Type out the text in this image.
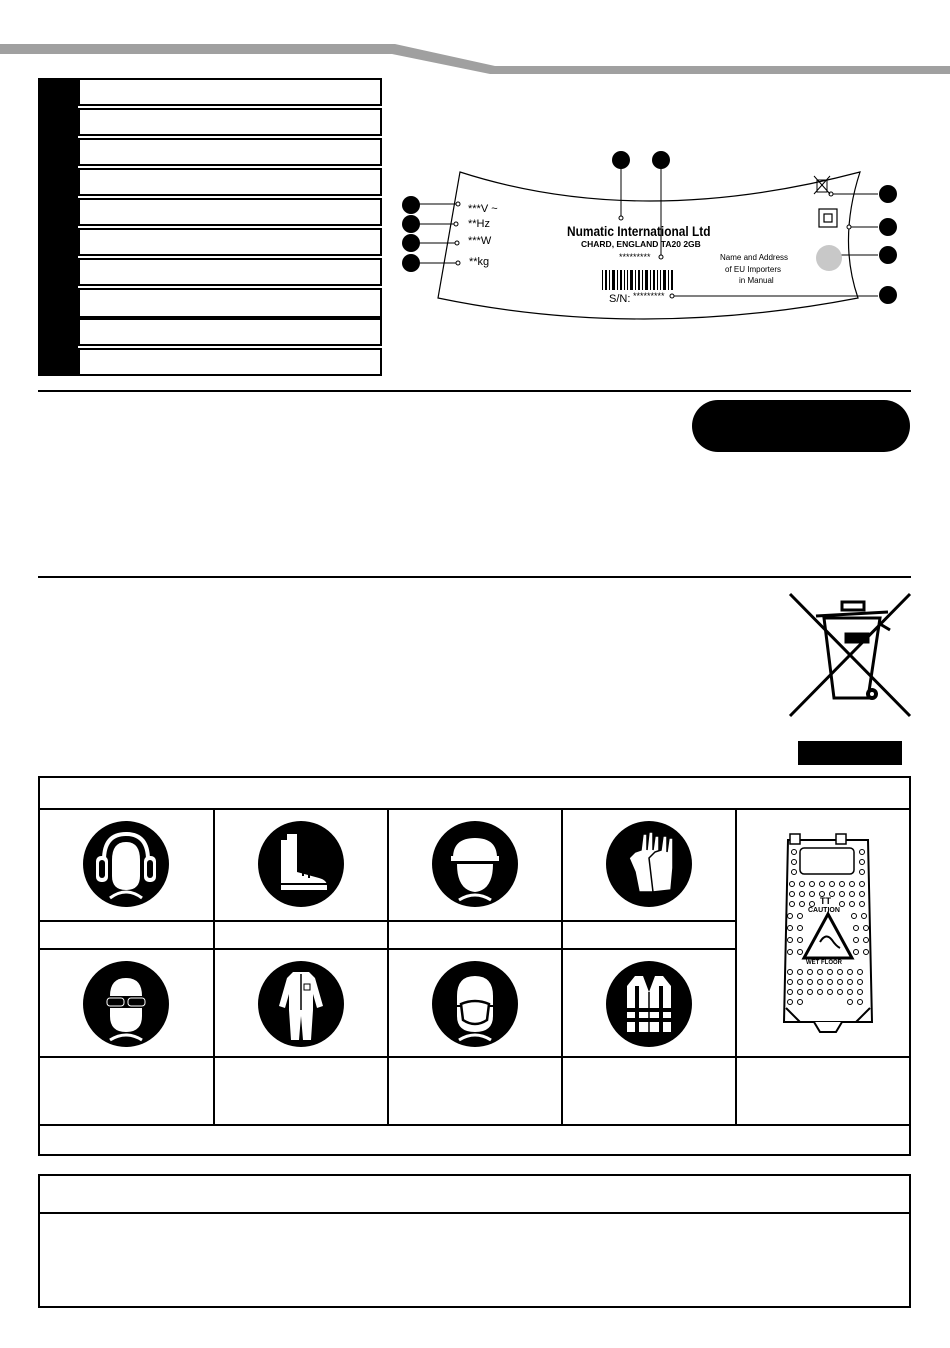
***V ~
**Hz
***W
**kg
Numatic International Ltd
CHARD, ENGLAND TA20 2GB
*********	Name and Address
of EU Importers
in Manual
S/N: *********
TT
CAUTION
WET FLOOR
